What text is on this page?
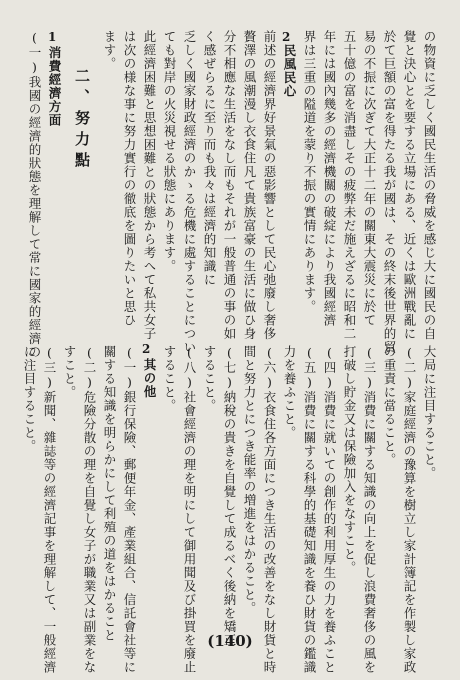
の物資に乏しく國民生活の脅威を感じ大に國民の自
覺と決心とを要する立場にある、近くは歐洲戰亂に
於て巨額の富を得たる我が國は、その終末後世界的貿
易の不振に次ぎて大正十二年の關東大震災に於て
五十億の富を消盡しその疲弊未だ施えざるに昭和二
年には國內幾多の經濟機關の破綻により我國經濟
界は三重の隘道を蒙り不振の實情にあります。
2
民風民心
前述の經濟界好景氣の惡影響として民心弛廢し奢侈
贅澤の風潮漫し衣食住凡て貴族富豪の生活に做ひ身
分不相應な生活をなし而もそれが一般普通の事の如
く感ぜらるに至り而も我々は經濟的知識に
乏しく國家財政經濟のかゝる危機に處することについ
ても對岸の火災視せる狀態にあります。
此經濟困難と思想困難との狀態から考へて私共女子
は次の様な事に努力實行の徹底を圖りたいと思ひ
ます。
二、努力點
1
消費經濟方面
(一)我國の經濟的狀態を理解して常に國家的經濟の
大局に注目すること。
(二)家庭經濟の豫算を樹立し家計簿記を作製し家政
の重責に當ること。
(三)消費に關する知識の向上を促し浪費奢侈の風を
打破し貯金又は保險加入をなすこと。
(四)消費に就いての創作的利用厚生の力を養ふこと
(五)消費に關する科學的基礎知識を養ひ財貨の鑑識
力を養ふこと。
(六)衣食住各方面につき生活の改善をなし財貨と時
間と努力とにつき能率の増進をはかること。
(七)納稅の貴きを自覺して成るべく後納を矯正
すること。
(八)社會經濟の理を明にして御用聞及び掛買を廢止
すること。
2
其の他
(一)銀行保險、郵便年金、產業組合、信託會社等に
關する知識を明らかにして利殖の道をはかること
(二)危險分散の理を自覺し女子が職業又は副業をな
すこと。
(三)新聞、雜誌等の經濟記事を理解して、一般經濟
に注目すること。
(140)
